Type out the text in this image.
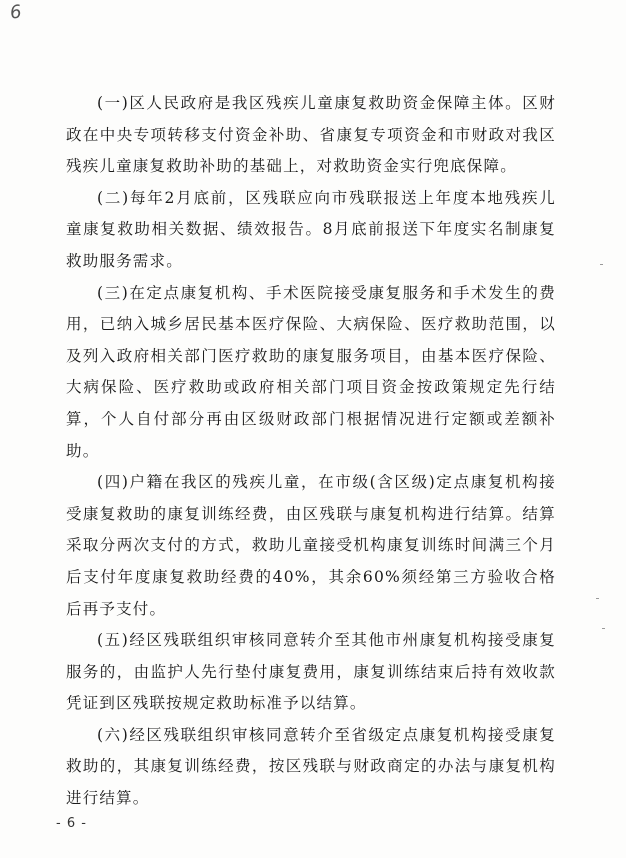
6

(一)区人民政府是我区残疾儿童康复救助资金保障主体。区财政在中央专项转移支付资金补助、省康复专项资金和市财政对我区残疾儿童康复救助补助的基础上，对救助资金实行兜底保障。

(二)每年2月底前，区残联应向市残联报送上年度本地残疾儿童康复救助相关数据、绩效报告。8月底前报送下年度实名制康复救助服务需求。

(三)在定点康复机构、手术医院接受康复服务和手术发生的费用，已纳入城乡居民基本医疗保险、大病保险、医疗救助范围，以及列入政府相关部门医疗救助的康复服务项目，由基本医疗保险、大病保险、医疗救助或政府相关部门项目资金按政策规定先行结算，个人自付部分再由区级财政部门根据情况进行定额或差额补助。

(四)户籍在我区的残疾儿童，在市级(含区级)定点康复机构接受康复救助的康复训练经费，由区残联与康复机构进行结算。结算采取分两次支付的方式，救助儿童接受机构康复训练时间满三个月后支付年度康复救助经费的40%，其余60%须经第三方验收合格后再予支付。

(五)经区残联组织审核同意转介至其他市州康复机构接受康复服务的，由监护人先行垫付康复费用，康复训练结束后持有效收款凭证到区残联按规定救助标准予以结算。

(六)经区残联组织审核同意转介至省级定点康复机构接受康复救助的，其康复训练经费，按区残联与财政商定的办法与康复机构进行结算。

- 6 -
